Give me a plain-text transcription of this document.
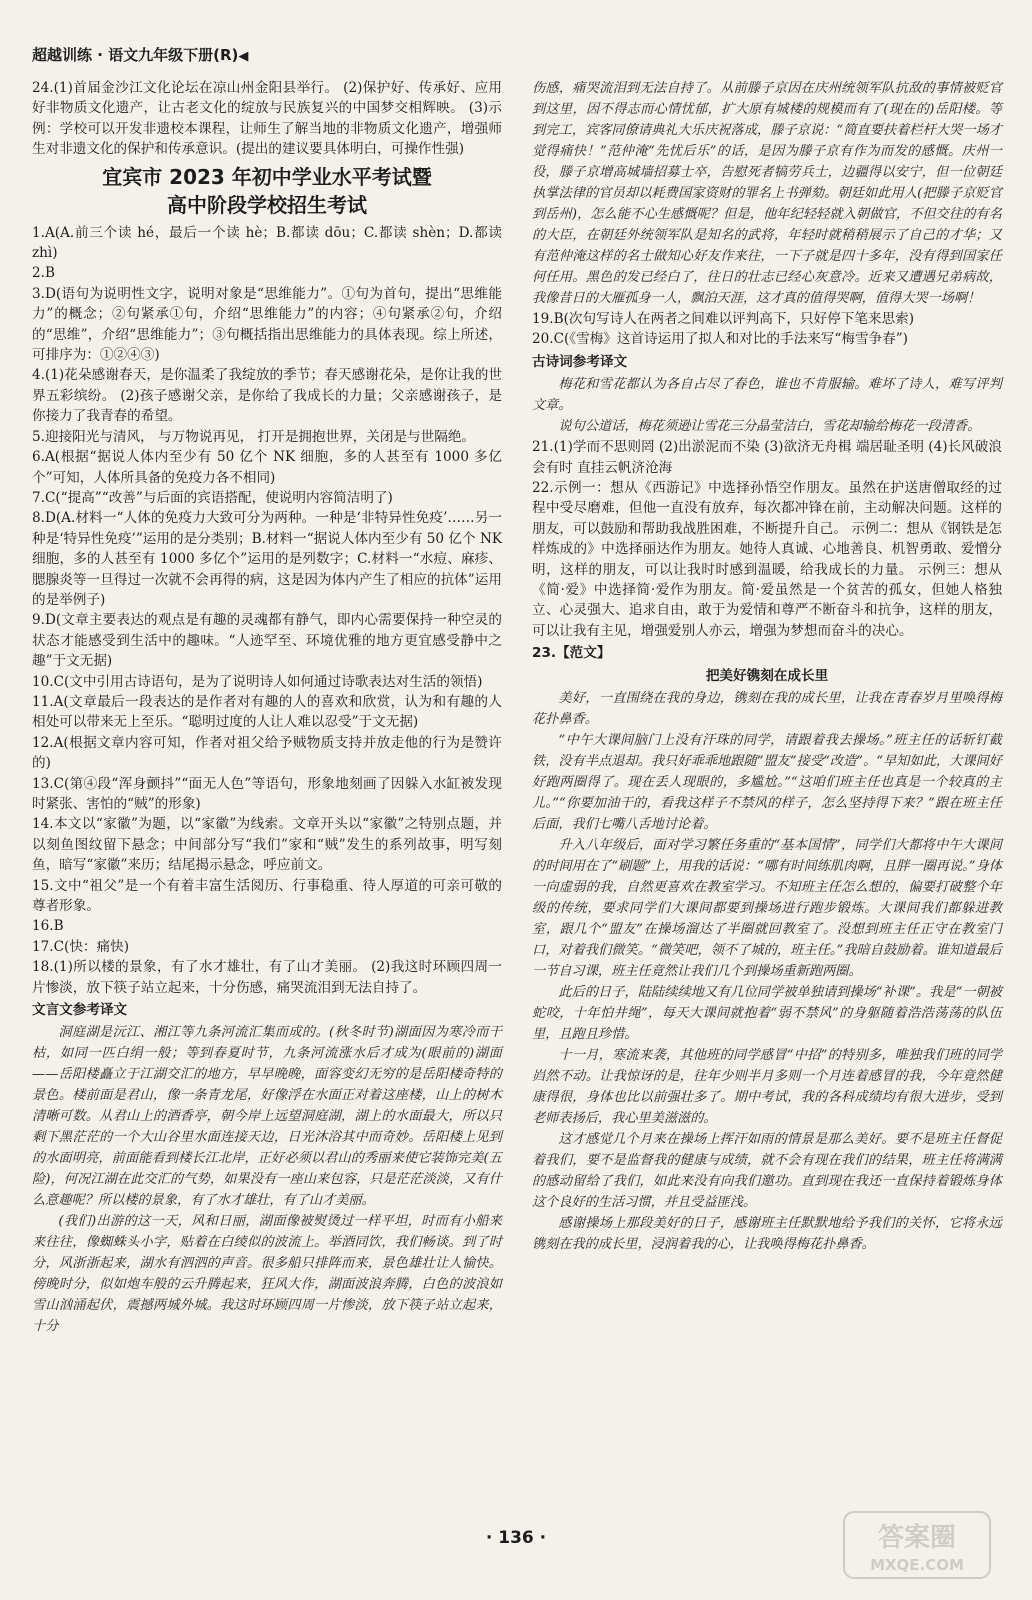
超越训练 · 语文九年级下册(R)◀

24.(1)首届金沙江文化论坛在凉山州金阳县举行。 (2)保护好、传承好、应用好非物质文化遗产，让古老文化的绽放与民族复兴的中国梦交相辉映。 (3)示例：学校可以开发非遗校本课程，让师生了解当地的非物质文化遗产，增强师生对非遗文化的保护和传承意识。(提出的建议要具体明白，可操作性强)

宜宾市 2023 年初中学业水平考试暨
高中阶段学校招生考试

1.A(A.前三个读 hé，最后一个读 hè；B.都读 dōu；C.都读 shèn；D.都读 zhì)

2.B

3.D(语句为说明性文字，说明对象是“思维能力”。①句为首句，提出“思维能力”的概念；②句紧承①句，介绍“思维能力”的内容；④句紧承②句，介绍的“思维”，介绍“思维能力”；③句概括指出思维能力的具体表现。综上所述，可排序为：①②④③)

4.(1)花朵感谢春天，是你温柔了我绽放的季节；春天感谢花朵，是你让我的世界五彩缤纷。 (2)孩子感谢父亲，是你给了我成长的力量；父亲感谢孩子，是你接力了我青春的希望。

5.迎接阳光与清风， 与万物说再见， 打开是拥抱世界，关闭是与世隔绝。

6.A(根据“据说人体内至少有 50 亿个 NK 细胞，多的人甚至有 1000 多亿个”可知，人体所具备的免疫力各不相同)

7.C(“提高”“改善”与后面的宾语搭配，使说明内容简洁明了)

8.D(A.材料一“人体的免疫力大致可分为两种。一种是‘非特异性免疫’……另一种是‘特异性免疫’”运用的是分类别；B.材料一“据说人体内至少有 50 亿个 NK 细胞，多的人甚至有 1000 多亿个”运用的是列数字；C.材料一“水痘、麻疹、腮腺炎等一旦得过一次就不会再得的病，这是因为体内产生了相应的抗体”运用的是举例子)

9.D(文章主要表达的观点是有趣的灵魂都有静气，即内心需要保持一种空灵的状态才能感受到生活中的趣味。“人迹罕至、环境优雅的地方更宜感受静中之趣”于文无据)

10.C(文中引用古诗语句，是为了说明诗人如何通过诗歌表达对生活的领悟)

11.A(文章最后一段表达的是作者对有趣的人的喜欢和欣赏，认为和有趣的人相处可以带来无上至乐。“聪明过度的人让人难以忍受”于文无据)

12.A(根据文章内容可知，作者对祖父给予贼物质支持并放走他的行为是赞许的)

13.C(第④段“浑身颤抖”“面无人色”等语句，形象地刻画了因躲入水缸被发现时紧张、害怕的“贼”的形象)

14.本文以“家徽”为题，以“家徽”为线索。文章开头以“家徽”之特别点题，并以刻鱼图纹留下悬念；中间部分写“我们”家和“贼”发生的系列故事，明写刻鱼，暗写“家徽”来历；结尾揭示悬念，呼应前文。

15.文中“祖父”是一个有着丰富生活阅历、行事稳重、待人厚道的可亲可敬的尊者形象。

16.B

17.C(快：痛快)

18.(1)所以楼的景象，有了水才雄壮，有了山才美丽。 (2)我这时环顾四周一片惨淡，放下筷子站立起来，十分伤感，痛哭流泪到无法自持了。

文言文参考译文

洞庭湖是沅江、湘江等九条河流汇集而成的。(秋冬时节)湖面因为寒冷而干枯，如同一匹白绢一般；等到春夏时节，九条河流涨水后才成为(眼前的)湖面——岳阳楼矗立于江湖交汇的地方，早早晚晚，面容变幻无穷的是岳阳楼奇特的景色。楼前面是君山，像一条青龙尾，好像浮在水面正对着这座楼，山上的树木清晰可数。从君山上的酒香亭，朝今岸上远望洞庭湖，湖上的水面最大，所以只剩下黑茫茫的一个大山谷里水面连接天边，日光沐浴其中而奇妙。岳阳楼上见到的水面明亮，前面能看到楼长江北岸，正好必须以君山的秀丽来使它装饰完美(五险)，何况江湖在此交汇的气势，如果没有一座山来包容，只是茫茫淡淡，又有什么意趣呢？所以楼的景象，有了水才雄壮，有了山才美丽。

(我们)出游的这一天，风和日丽，湖面像被熨烫过一样平坦，时而有小船来来往往，像蜘蛛头小字，贴着在白绫似的波流上。举酒同饮，我们畅谈。到了时分，风浙浙起来，湖水有泗泗的声音。很多船只排阵而来，景色雄壮让人愉快。傍晚时分，似如炮车般的云升腾起来，狂风大作，湖面波浪奔腾，白色的波浪如雪山汹涌起伏，震撼两城外城。我这时环顾四周一片惨淡，放下筷子站立起来，十分

伤感，痛哭流泪到无法自持了。从前滕子京因在庆州统领军队抗敌的事情被贬官到这里，因不得志而心情忧郁，扩大原有城楼的规模而有了(现在的)岳阳楼。等到完工，宾客同僚请典礼大乐庆祝落成，滕子京说：“简直要扶着栏杆大哭一场才觉得痛快！”范仲淹“先忧后乐”的话，是因为滕子京有作为而发的感慨。庆州一役，滕子京增高城墙招募士卒，告慰死者犒劳兵士，边疆得以安宁，但一位朝廷执掌法律的官员却以耗费国家资财的罪名上书弹劾。朝廷如此用人(把滕子京贬官到岳州)，怎么能不心生感慨呢？但是，他年纪轻轻就入朝做官，不但交往的有名的大臣，在朝廷外统领军队是知名的武将，年轻时就稍稍展示了自己的才华；又有范仲淹这样的名士做知心好友作来往，一下子就是四十多年，没有得到国家任何任用。黑色的发已经白了，往日的壮志已经心灰意冷。近来又遭遇兄弟病故，我像昔日的大雁孤身一人，飘泊天涯，这才真的值得哭啊，值得大哭一场啊！

19.B(次句写诗人在两者之间难以评判高下，只好停下笔来思索)

20.C(《雪梅》这首诗运用了拟人和对比的手法来写“梅雪争春”)

古诗词参考译文

梅花和雪花都认为各自占尽了春色，谁也不肯服输。难坏了诗人，难写评判文章。

说句公道话，梅花须逊让雪花三分晶莹洁白，雪花却输给梅花一段清香。

21.(1)学而不思则罔 (2)出淤泥而不染 (3)欲济无舟楫 端居耻圣明 (4)长风破浪会有时 直挂云帆济沧海

22.示例一：想从《西游记》中选择孙悟空作朋友。虽然在护送唐僧取经的过程中受尽磨难，但他一直没有放弃，每次都冲锋在前，主动解决问题。这样的朋友，可以鼓励和帮助我战胜困难，不断提升自己。 示例二：想从《钢铁是怎样炼成的》中选择丽达作为朋友。她待人真诚、心地善良、机智勇敢、爱憎分明，这样的朋友，可以让我时时感到温暖，给我成长的力量。 示例三：想从《简·爱》中选择简·爱作为朋友。简·爱虽然是一个贫苦的孤女，但她人格独立、心灵强大、追求自由，敢于为爱情和尊严不断奋斗和抗争，这样的朋友，可以让我有主见，增强爱别人亦云，增强为梦想而奋斗的决心。

23.【范文】
把美好镌刻在成长里

美好，一直围绕在我的身边，镌刻在我的成长里，让我在青春岁月里唤得梅花扑鼻香。

“中午大课间脑门上没有汗珠的同学，请跟着我去操场。”班主任的话斩钉截铁，没有半点退却。我只好乖乖地跟随“盟友”接受“改造”。“早知如此，大课间好好跑两圈得了。现在丢人现眼的，多尴尬。”“这咱们班主任也真是一个较真的主儿。”“你要加油干的，看我这样子不禁风的样子，怎么坚持得下来？”跟在班主任后面，我们七嘴八舌地讨论着。

升入八年级后，面对学习繁任务重的“基本国情”，同学们大都将中午大课间的时间用在了“刷题”上，用我的话说：“哪有时间练肌肉啊，且胖一圈再说。”身体一向虚弱的我，自然更喜欢在教室学习。不知班主任怎么想的，偏要打破整个年级的传统，要求同学们大课间都要到操场进行跑步锻炼。大课间我们都躲进教室，跟几个“盟友”在操场溜达了半圈就回教室了。没想到班主任正守在教室门口，对着我们微笑。“微笑吧，领不了城的，班主任。”我暗自鼓励着。谁知道最后一节自习课，班主任竟然让我们几个到操场重新跑两圈。

此后的日子，陆陆续续地又有几位同学被单独请到操场“补课”。我是“一朝被蛇咬，十年怕井绳”，每天大课间就抱着“弱不禁风”的身躯随着浩浩荡荡的队伍里，且跑且珍惜。

十一月，寒流来袭，其他班的同学感冒“中招”的特别多，唯独我们班的同学岿然不动。让我惊讶的是，往年少则半月多则一个月连着感冒的我，今年竟然健康得很，身体也比以前强壮多了。期中考试，我的各科成绩均有很大进步，受到老师表扬后，我心里美滋滋的。

这才感觉几个月来在操场上挥汗如雨的情景是那么美好。要不是班主任督促着我们，要不是监督我的健康与成绩，就不会有现在我们的结果，班主任将满满的感动留给了我们，如此来没有向我们邀功。直到现在我还一直保持着锻炼身体这个良好的生活习惯，并且受益匪浅。

感谢操场上那段美好的日子，感谢班主任默默地给予我们的关怀，它将永远镌刻在我的成长里，浸润着我的心，让我唤得梅花扑鼻香。

· 136 ·	答案圈
MXQE.COM
